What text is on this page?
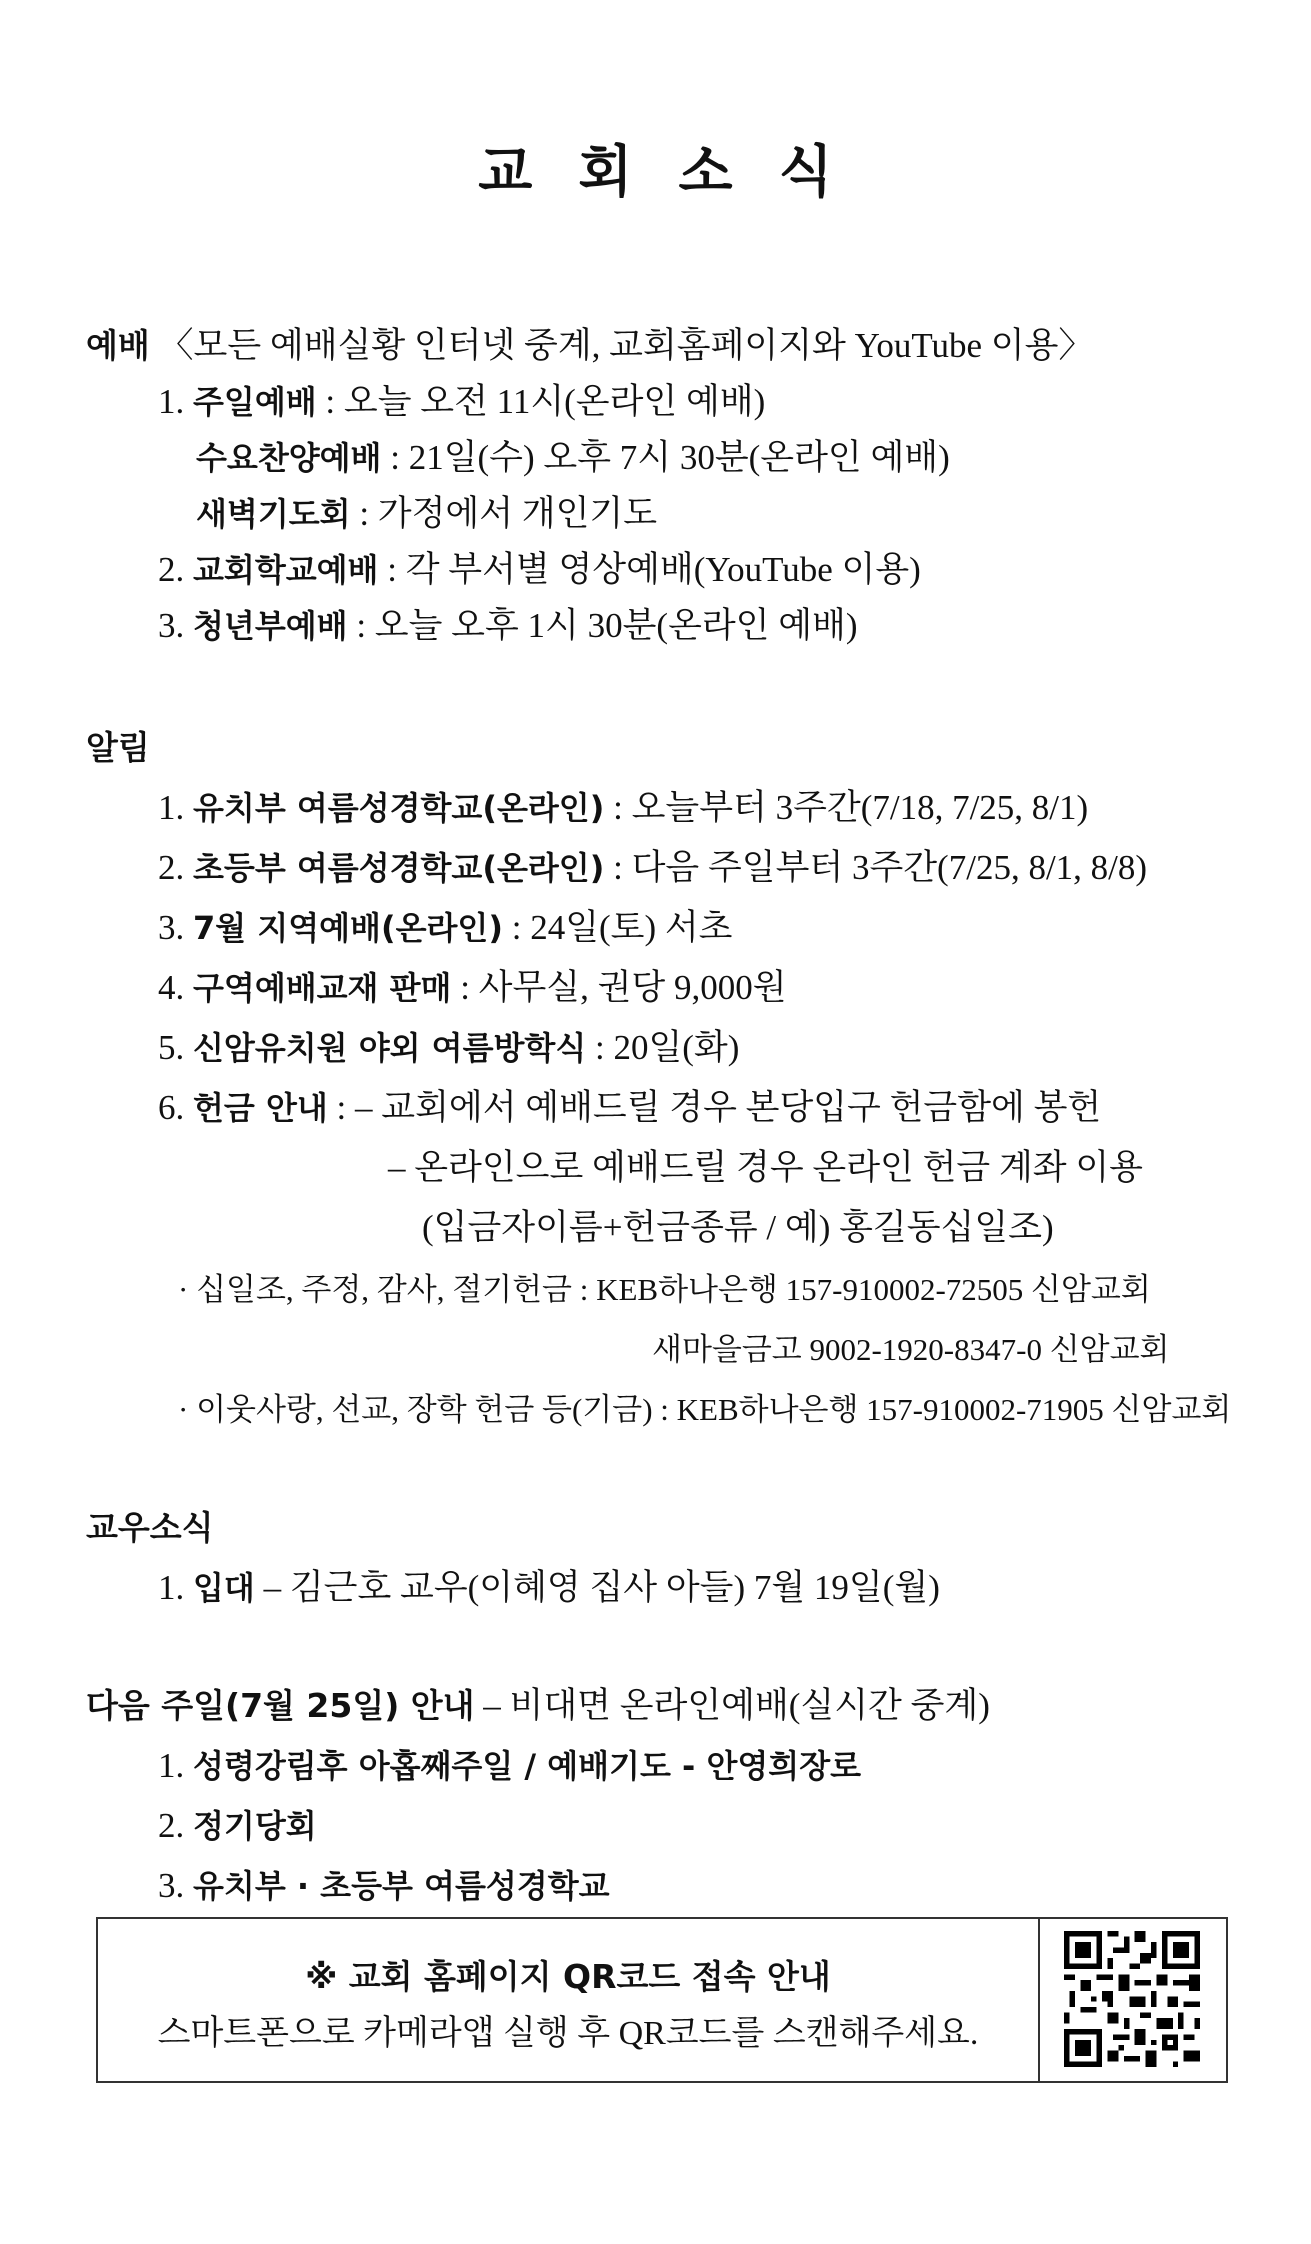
교회소식
예배 〈모든 예배실황 인터넷 중계, 교회홈페이지와 YouTube 이용〉
1. 주일예배 : 오늘 오전 11시(온라인 예배)
수요찬양예배 : 21일(수) 오후 7시 30분(온라인 예배)
새벽기도회 : 가정에서 개인기도
2. 교회학교예배 : 각 부서별 영상예배(YouTube 이용)
3. 청년부예배 : 오늘 오후 1시 30분(온라인 예배)
알림
1. 유치부 여름성경학교(온라인) : 오늘부터 3주간(7/18, 7/25, 8/1)
2. 초등부 여름성경학교(온라인) : 다음 주일부터 3주간(7/25, 8/1, 8/8)
3. 7월 지역예배(온라인) : 24일(토) 서초
4. 구역예배교재 판매 : 사무실, 권당 9,000원
5. 신암유치원 야외 여름방학식 : 20일(화)
6. 헌금 안내 : – 교회에서 예배드릴 경우 본당입구 헌금함에 봉헌
– 온라인으로 예배드릴 경우 온라인 헌금 계좌 이용
(입금자이름+헌금종류 / 예) 홍길동십일조)
· 십일조, 주정, 감사, 절기헌금 : KEB하나은행 157-910002-72505 신암교회
새마을금고 9002-1920-8347-0 신암교회
· 이웃사랑, 선교, 장학 헌금 등(기금) : KEB하나은행 157-910002-71905 신암교회
교우소식
1. 입대 – 김근호 교우(이혜영 집사 아들) 7월 19일(월)
다음 주일(7월 25일) 안내 – 비대면 온라인예배(실시간 중계)
1. 성령강림후 아홉째주일 / 예배기도 - 안영희장로
2. 정기당회
3. 유치부 · 초등부 여름성경학교
※ 교회 홈페이지 QR코드 접속 안내
스마트폰으로 카메라앱 실행 후 QR코드를 스캔해주세요.
